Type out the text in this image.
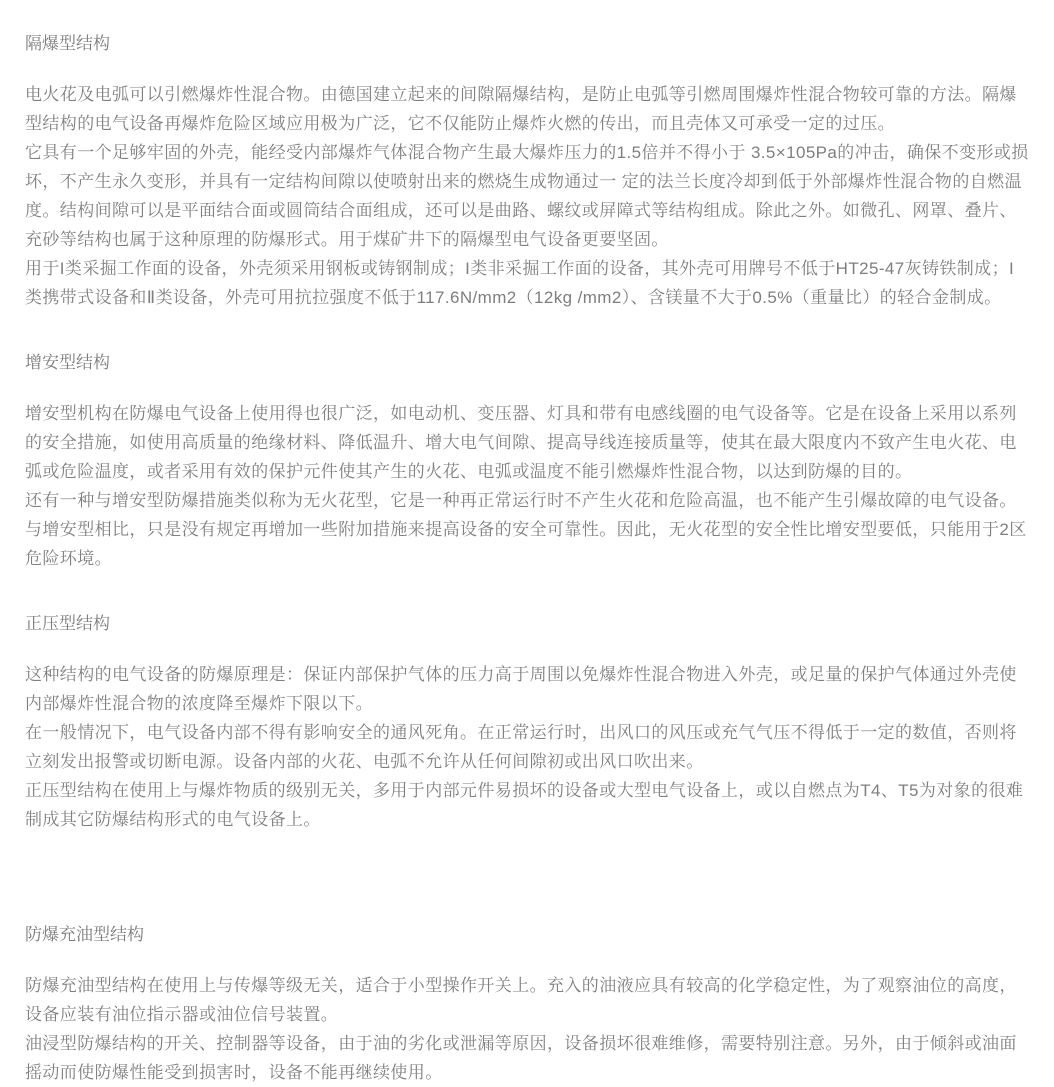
隔爆型结构

电火花及电弧可以引燃爆炸性混合物。由德国建立起来的间隙隔爆结构，是防止电弧等引燃周围爆炸性混合物较可靠的方法。隔爆型结构的电气设备再爆炸危险区域应用极为广泛，它不仅能防止爆炸火燃的传出，而且壳体又可承受一定的过压。

它具有一个足够牢固的外壳，能经受内部爆炸气体混合物产生最大爆炸压力的1.5倍并不得小于 3.5×105Pa的冲击，确保不变形或损坏，不产生永久变形，并具有一定结构间隙以使喷射出来的燃烧生成物通过一 定的法兰长度冷却到低于外部爆炸性混合物的自燃温度。结构间隙可以是平面结合面或圆筒结合面组成，还可以是曲路、螺纹或屏障式等结构组成。除此之外。如微孔、网罩、叠片、充砂等结构也属于这种原理的防爆形式。用于煤矿井下的隔爆型电气设备更要坚固。

用于I类采掘工作面的设备，外壳须采用钢板或铸钢制成；I类非采掘工作面的设备，其外壳可用牌号不低于HT25-47灰铸铁制成；I类携带式设备和Ⅱ类设备，外壳可用抗拉强度不低于117.6N/mm2（12kg /mm2）、含镁量不大于0.5%（重量比）的轻合金制成。

增安型结构

增安型机构在防爆电气设备上使用得也很广泛，如电动机、变压器、灯具和带有电感线圈的电气设备等。它是在设备上采用以系列的安全措施，如使用高质量的绝缘材料、降低温升、增大电气间隙、提高导线连接质量等，使其在最大限度内不致产生电火花、电弧或危险温度，或者采用有效的保护元件使其产生的火花、电弧或温度不能引燃爆炸性混合物，以达到防爆的目的。

还有一种与增安型防爆措施类似称为无火花型，它是一种再正常运行时不产生火花和危险高温，也不能产生引爆故障的电气设备。与增安型相比，只是没有规定再增加一些附加措施来提高设备的安全可靠性。因此，无火花型的安全性比增安型要低，只能用于2区危险环境。

正压型结构

这种结构的电气设备的防爆原理是：保证内部保护气体的压力高于周围以免爆炸性混合物进入外壳，或足量的保护气体通过外壳使内部爆炸性混合物的浓度降至爆炸下限以下。

在一般情况下，电气设备内部不得有影响安全的通风死角。在正常运行时，出风口的风压或充气气压不得低于一定的数值，否则将立刻发出报警或切断电源。设备内部的火花、电弧不允许从任何间隙初或出风口吹出来。

正压型结构在使用上与爆炸物质的级别无关，多用于内部元件易损坏的设备或大型电气设备上，或以自燃点为T4、T5为对象的很难制成其它防爆结构形式的电气设备上。

防爆充油型结构

防爆充油型结构在使用上与传爆等级无关，适合于小型操作开关上。充入的油液应具有较高的化学稳定性，为了观察油位的高度，设备应装有油位指示器或油位信号装置。

油浸型防爆结构的开关、控制器等设备，由于油的劣化或泄漏等原因，设备损坏很难维修，需要特别注意。另外，由于倾斜或油面摇动而使防爆性能受到损害时，设备不能再继续使用。
